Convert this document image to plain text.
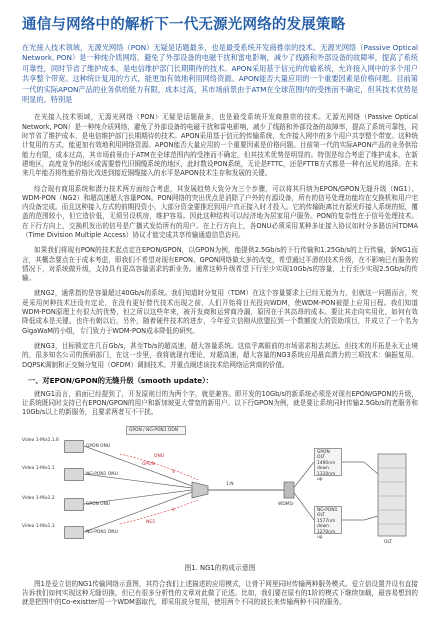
通信与网络中的解析下一代无源光网络的发展策略
在光接入技术领域，无源光网络（PON）无疑是话题最多，也是最受系统开发商推崇的技术。无源光网络（Passive Optical Network, PON）是一种纯介质网络，避免了外部设备的电磁干扰和雷电影响，减少了线路和外部设备的故障率，提高了系统可靠性，同时节省了维护成本，是电信维护部门长期期待的技术。APON采用基于信元的传输系统，允许接入网中的多个用户共享整个带宽。这种统计复用的方式，能更加有效地利用网络资源。APON能否大量应用的一个重要因素是价格问题。目前第一代的实际APON产品的业务供给能力有限，成本过高，其市场前景由于ATM在全球范围内的受挫而不确定，但其技术优势是明显的。特别是
在光接入技术领域，无源光网络（PON）无疑是话题最多，也是最受系统开发商推崇的技术。无源光网络（Passive Optical Network, PON）是一种纯介质网络，避免了外部设备的电磁干扰和雷电影响，减少了线路和外部设备的故障率，提高了系统可靠性，同时节省了维护成本，是电信维护部门长期期待的技术。APON采用基于信元的传输系统，允许接入网中的多个用户共享整个带宽。这种统计复用的方式，能更加有效地利用网络资源。APON能否大量应用的一个重要因素是价格问题。目前第一代的实际APON产品的业务供给能力有限，成本过高，其市场前景由于ATM在全球范围内的受挫而不确定，但其技术优势是明显的。特别是综合考虑了维护成本，在新建地区，高度竞争的地区或需要替代旧铜缆系统的地区，此时数设PON系统，无论是FTTC，还是FTTB方式都是一种有远见的选择。在未来几年能否将性能价格比改进到接近铜缆接入的水平是APON技术生存和发展的关键。
综合现有商用系统和潜力技术两方面综合考虑，其发展趋势大致分为三个步骤，可以将其归纳为EPON/GPON无缝升级（NG1）、WDM-PON（NG2）和超高速超大容量PON。PON网络的突出优点是消除了户外的有源设备，所有的信号处理功能均在交换机和用户宅内设备完成。而且这种接入方式的前期投资小，大部分资金要推迟到用户真正接入时才投入。它的传输距离比有源光纤接入系统的短，覆盖的范围较小，但它造价低，无须另设机房，维护容易。因此这种结构可以经济地为居家用户服务。PON的复杂性在于信号处理技术。在下行方向上，交换机发出的信号是广播式发给所有的用户。在上行方向上，各ONU必须采用某种多址接入协议如时分多路访问TDMA（Time Division Multiple Access）协议才能完成共享传输通道信息访问。
如果我们将现有PON的技术起点定在EPON/GPON，以GPON为例，能提供2.5Gb/s的下行传输和1.25Gb/s的上行传输，新NG1而言，其概念要点在于成本考虑，即我们不希望对现有EPON、GPON网络做太多的改变，希望通过平滑的技术升级，在不影响已有服务的情况下，对系统做升级，支持具有更高容量需求的新业务。通常这种升级希望下行至少实现10Gb/s的容量，上行至少实现2.5Gb/s的传输。
就NG2，通常指的是容量超过40Gb/s的系统。我们知道时分复用（TDM）在这个容量要求上已经无能为力，但就这一问题而言，究竟采用何种技术还没有定论，在没有更好替代技术出现之前，人们开始将目光投向WDM，使WDM-PON被提上应用日程。我们知道WDM-PON原理上有很大的优势，但之所以这些年来，被开发商和运营商冷漏，原因在于其高昂的成本。要让其走向实用化，如何有效降低成本是关键。也许有朝以后，另外，随着硬件技术的进步，今年爱立信刚从欧盟拉到一个数额庞大的资助项目，并成立了一个名为GigaWaM的小组，专门致力于WDM-PON成本降低的研究。
就NG3，目标锁定在几百Gb/s，甚至Tb/s的超高速，超大容量系统。这似乎离眼前的市场需求相去甚远。但技术的开拓是永无止境的，很多知名公司的预研部门，在这一步里，我将就现有理论，对超高速，超大容量的NG3系统应用最高潜力的三项技术：偏振复用、DQPSK调制和正交频分复用（OFDM）调制技术。并重点阐述该技术给网络运营商的价值。
一、对EPON/GPON的无缝升级（smooth update）：
就NG1而言，前面已经提到了，开发原则目的为两个字，就是兼容。即开发的10Gb/s的新系统必须是对现有EPON/GPON的升级，让系统既同时支持已有EPON/GPON的用户和新加坡更大带宽的新用户。以下行GPON为例，就是要让系统同时传输2.5Gb/s的老服务和10Gb/s以上的新服务，且要求两者互不干扰。
Video 1-Mix1.1.6
Video 1-Mix1.1
Video 1-Mix1.2
Video 1-Mix1.3
GPON ONU
NG-PON1 ONU
GPON ONU
NG-PON1 ONU
GPON / NG-PON1 ODN
GPON
ONU
NG1
S
λ
1:N
GPON OLT
1490nm down
1310nm up
NG-PON1 OLT
1577nm down
1270nm up
WDM1r
OLT
图1. NG1的构成示意图
图1是爱立信的NG1传输网络示意图，其符合我们上述描述的应用模式，让骨干网里同时传输两种服务模式。爱立信设置并设有直接告诉我们如何实现这种无缝切换，但已有很多分析性的文章对此做了论述。比如，我们要在原有的1阶的模式下继续加载，最容易想到的就是把图中的Co-existter用一个WDM器取代，即采用波分复用，使用两个不同的波长来传输两种不同的服务。
